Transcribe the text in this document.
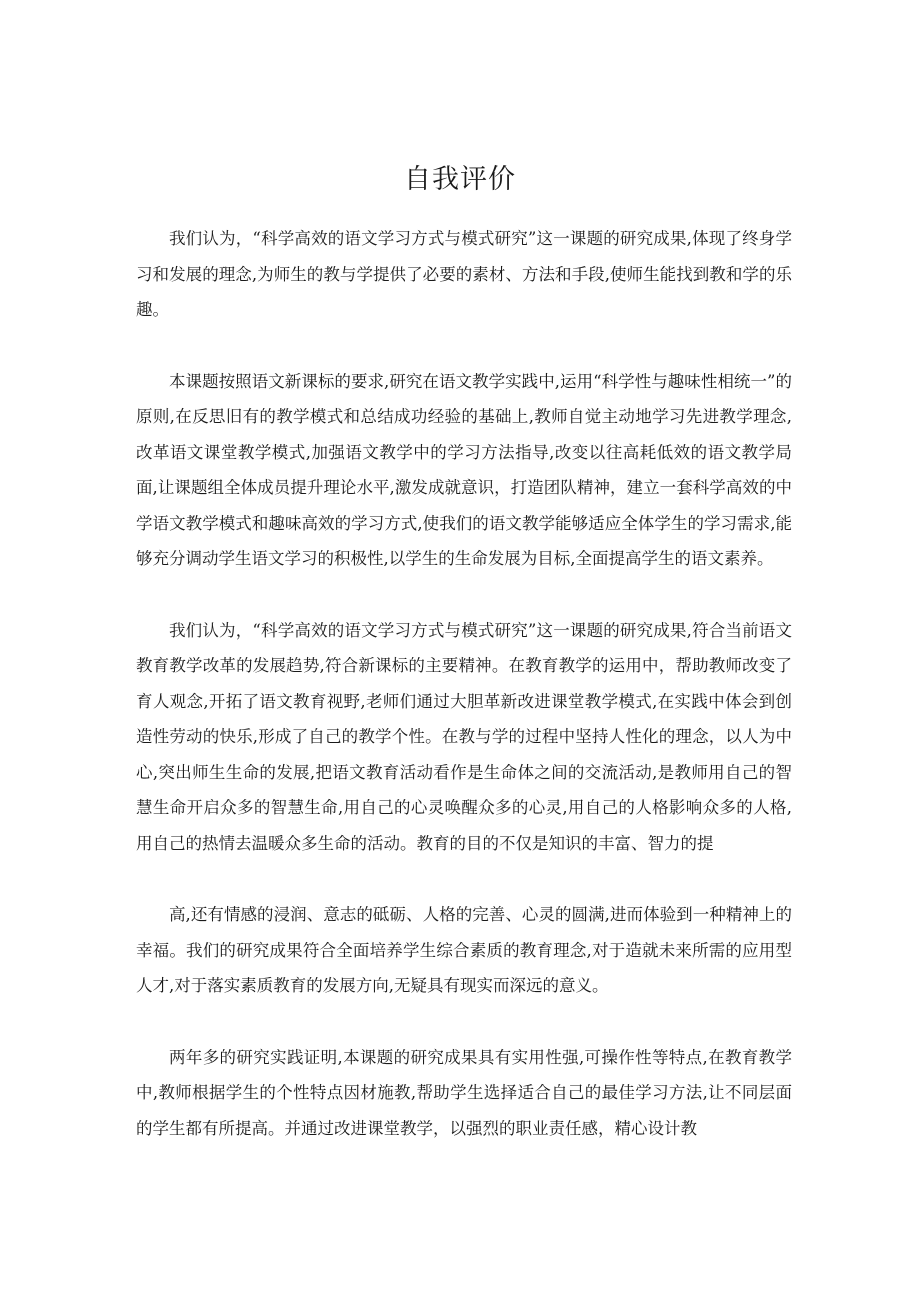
自我评价

我们认为，“科学高效的语文学习方式与模式研究”这一课题的研究成果,体现了终身学习和发展的理念,为师生的教与学提供了必要的素材、方法和手段,使师生能找到教和学的乐趣。

本课题按照语文新课标的要求,研究在语文教学实践中,运用“科学性与趣味性相统一”的原则,在反思旧有的教学模式和总结成功经验的基础上,教师自觉主动地学习先进教学理念,改革语文课堂教学模式,加强语文教学中的学习方法指导,改变以往高耗低效的语文教学局面,让课题组全体成员提升理论水平,激发成就意识，打造团队精神，建立一套科学高效的中学语文教学模式和趣味高效的学习方式,使我们的语文教学能够适应全体学生的学习需求,能够充分调动学生语文学习的积极性,以学生的生命发展为目标,全面提高学生的语文素养。

我们认为，“科学高效的语文学习方式与模式研究”这一课题的研究成果,符合当前语文教育教学改革的发展趋势,符合新课标的主要精神。在教育教学的运用中，帮助教师改变了育人观念,开拓了语文教育视野,老师们通过大胆革新改进课堂教学模式,在实践中体会到创造性劳动的快乐,形成了自己的教学个性。在教与学的过程中坚持人性化的理念，以人为中心,突出师生生命的发展,把语文教育活动看作是生命体之间的交流活动,是教师用自己的智慧生命开启众多的智慧生命,用自己的心灵唤醒众多的心灵,用自己的人格影响众多的人格,用自己的热情去温暖众多生命的活动。教育的目的不仅是知识的丰富、智力的提

高,还有情感的浸润、意志的砥砺、人格的完善、心灵的圆满,进而体验到一种精神上的幸福。我们的研究成果符合全面培养学生综合素质的教育理念,对于造就未来所需的应用型人才,对于落实素质教育的发展方向,无疑具有现实而深远的意义。

两年多的研究实践证明,本课题的研究成果具有实用性强,可操作性等特点,在教育教学中,教师根据学生的个性特点因材施教,帮助学生选择适合自己的最佳学习方法,让不同层面的学生都有所提高。并通过改进课堂教学，以强烈的职业责任感，精心设计教
